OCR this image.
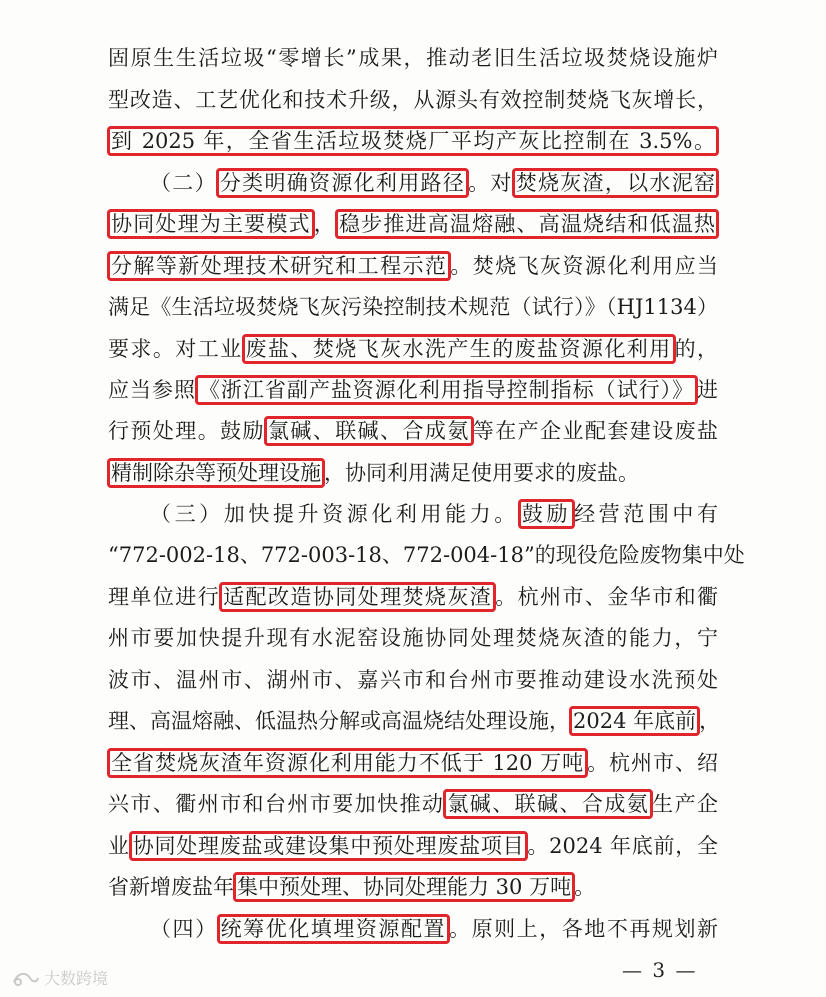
固原生生活垃圾“零增长”成果，推动老旧生活垃圾焚烧设施炉
型改造、工艺优化和技术升级，从源头有效控制焚烧飞灰增长，
到 2025 年，全省生活垃圾焚烧厂平均产灰比控制在 3.5%。
（二） 分类明确资源化利用路径 。对 焚烧灰渣，以水泥窑
协同处理为主要模式 ， 稳步推进高温熔融、高温烧结和低温热
分解等新处理技术研究和工程示范 。焚烧飞灰资源化利用应当
满足《生活垃圾焚烧飞灰污染控制技术规范（试行）》（HJ1134）
要求。对工业 废盐、焚烧飞灰水洗产生的废盐资源化利用 的，
应当参照 《浙江省副产盐资源化利用指导控制指标（试行）》 进
行预处理。鼓励 氯碱、联碱、合成氨 等在产企业配套建设废盐
精制除杂等预处理设施 ，协同利用满足使用要求的废盐。
（三）加快提升资源化利用能力。 鼓励 经营范围中有
“772-002-18、772-003-18、772-004-18”的现役危险废物集中处
理单位进行 适配改造协同处理焚烧灰渣 。杭州市、金华市和衢
州市要加快提升现有水泥窑设施协同处理焚烧灰渣的能力，宁
波市、温州市、湖州市、嘉兴市和台州市要推动建设水洗预处
理、高温熔融、低温热分解或高温烧结处理设施， 2024 年底前 ，
全省焚烧灰渣年资源化利用能力不低于 120 万吨 。杭州市、绍
兴市、衢州市和台州市要加快推动 氯碱、联碱、合成氨 生产企
业 协同处理废盐或建设集中预处理废盐项目 。2024 年底前，全
省新增废盐年 集中预处理、协同处理能力 30 万吨 。
（四） 统筹优化填埋资源配置 。原则上，各地不再规划新
— 3 —
大数跨境
